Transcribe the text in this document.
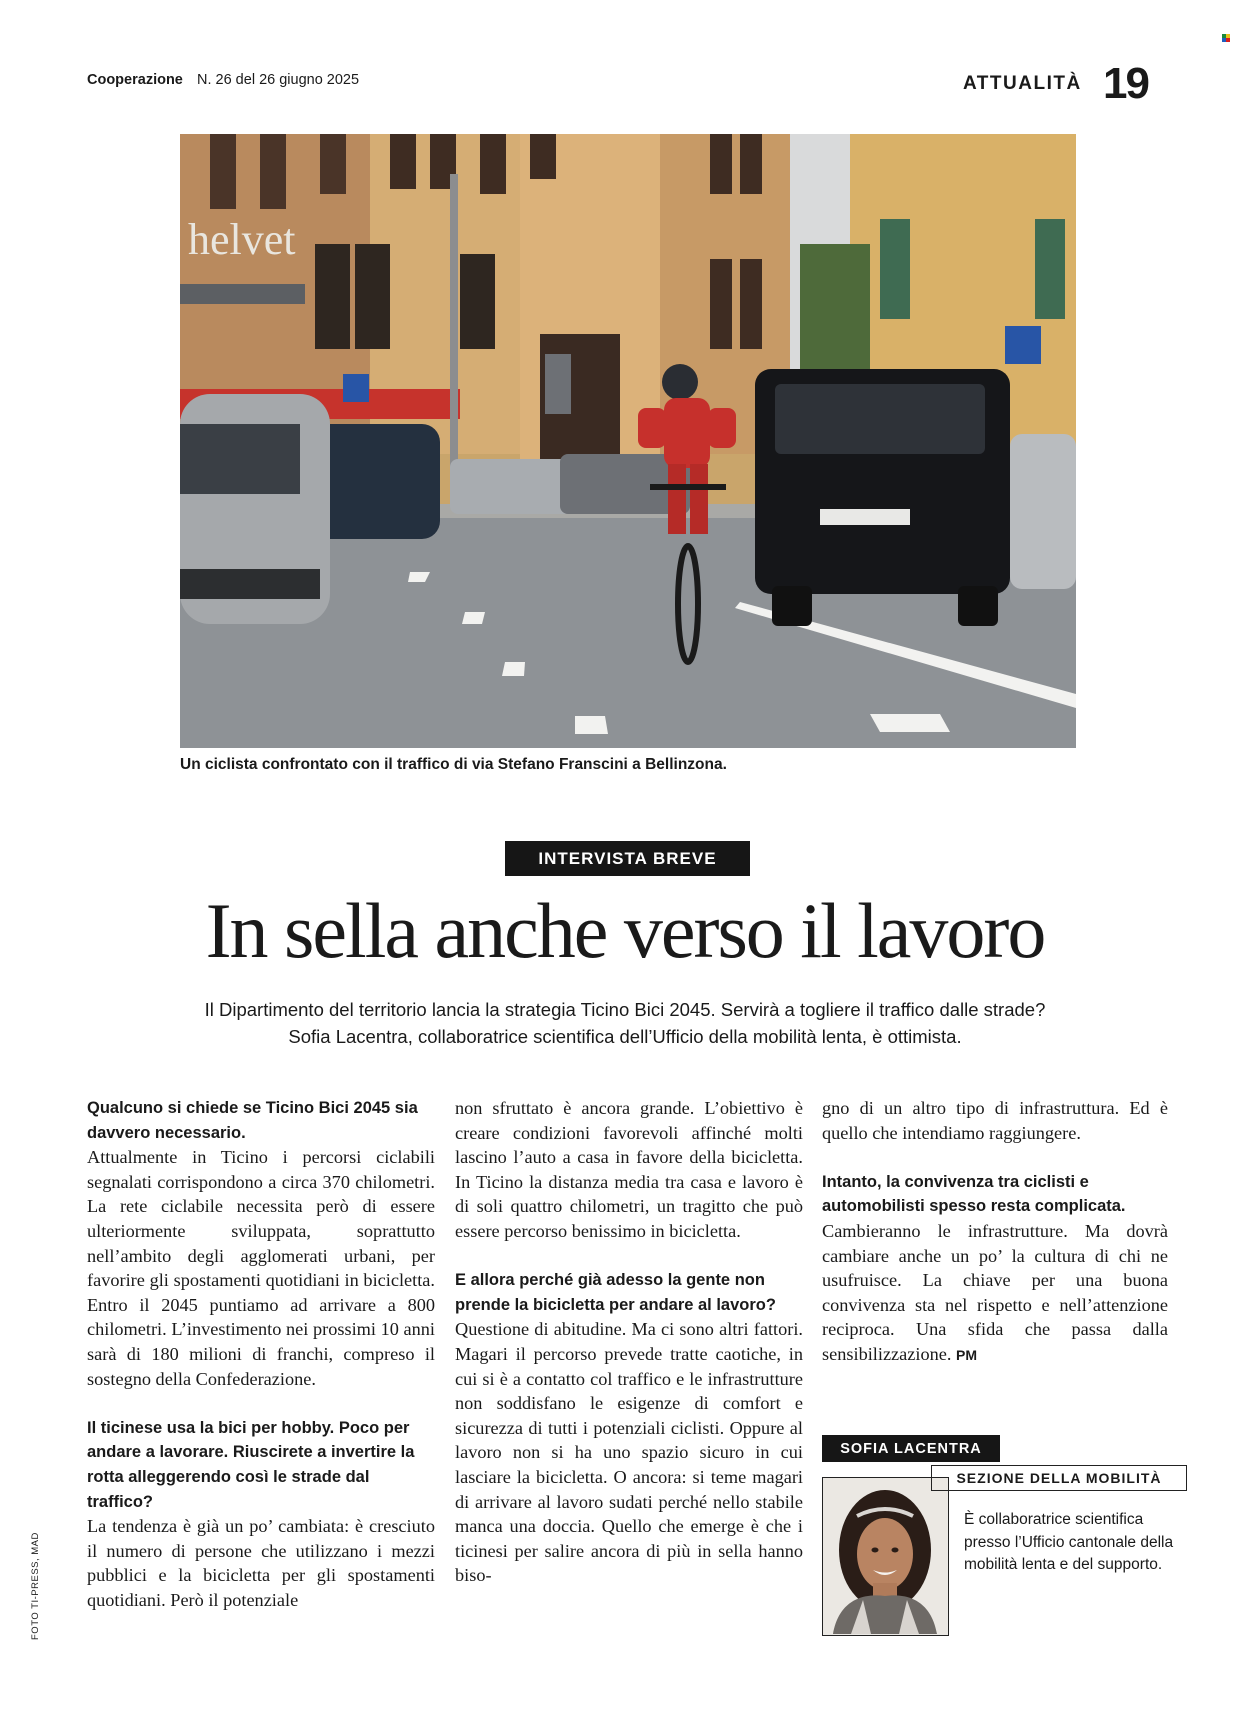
Cooperazione N. 26 del 26 giugno 2025	ATTUALITÀ 19
helvet
Un ciclista confrontato con il traffico di via Stefano Franscini a Bellinzona.
INTERVISTA BREVE
In sella anche verso il lavoro
Il Dipartimento del territorio lancia la strategia Ticino Bici 2045. Servirà a togliere il traffico dalle strade?
Sofia Lacentra, collaboratrice scientifica dell’Ufficio della mobilità lenta, è ottimista.

Qualcuno si chiede se Ticino Bici 2045 sia davvero necessario.

Attualmente in Ticino i percorsi ciclabili segnalati corrispondono a circa 370 chilometri. La rete ciclabile necessita però di essere ulteriormente sviluppata, soprattutto nell’ambito degli agglomerati urbani, per favorire gli spostamenti quotidiani in bicicletta. Entro il 2045 puntiamo ad arrivare a 800 chilometri. L’investimento nei prossimi 10 anni sarà di 180 milioni di franchi, compreso il sostegno della Confederazione.

Il ticinese usa la bici per hobby. Poco per andare a lavorare. Riuscirete a invertire la rotta alleggerendo così le strade dal traffico?

La tendenza è già un po’ cambiata: è cresciuto il numero di persone che utilizzano i mezzi pubblici e la bicicletta per gli spostamenti quotidiani. Però il potenziale

non sfruttato è ancora grande. L’obiettivo è creare condizioni favorevoli affinché molti lascino l’auto a casa in favore della bicicletta. In Ticino la distanza media tra casa e lavoro è di soli quattro chilometri, un tragitto che può essere percorso benissimo in bicicletta.

E allora perché già adesso la gente non prende la bicicletta per andare al lavoro?

Questione di abitudine. Ma ci sono altri fattori. Magari il percorso prevede tratte caotiche, in cui si è a contatto col traffico e le infrastrutture non soddisfano le esigenze di comfort e sicurezza di tutti i potenziali ciclisti. Oppure al lavoro non si ha uno spazio sicuro in cui lasciare la bicicletta. O ancora: si teme magari di arrivare al lavoro sudati perché nello stabile manca una doccia. Quello che emerge è che i ticinesi per salire ancora di più in sella hanno biso-

gno di un altro tipo di infrastruttura. Ed è quello che intendiamo raggiungere.

Intanto, la convivenza tra ciclisti e automobilisti spesso resta complicata.

Cambieranno le infrastrutture. Ma dovrà cambiare anche un po’ la cultura di chi ne usufruisce. La chiave per una buona convivenza sta nel rispetto e nell’attenzione reciproca. Una sfida che passa dalla sensibilizzazione. PM

FOTO TI-PRESS, MAD
SOFIA LACENTRA
SEZIONE DELLA MOBILITÀ
È collaboratrice scientifica presso l’Ufficio cantonale della mobilità lenta e del supporto.
